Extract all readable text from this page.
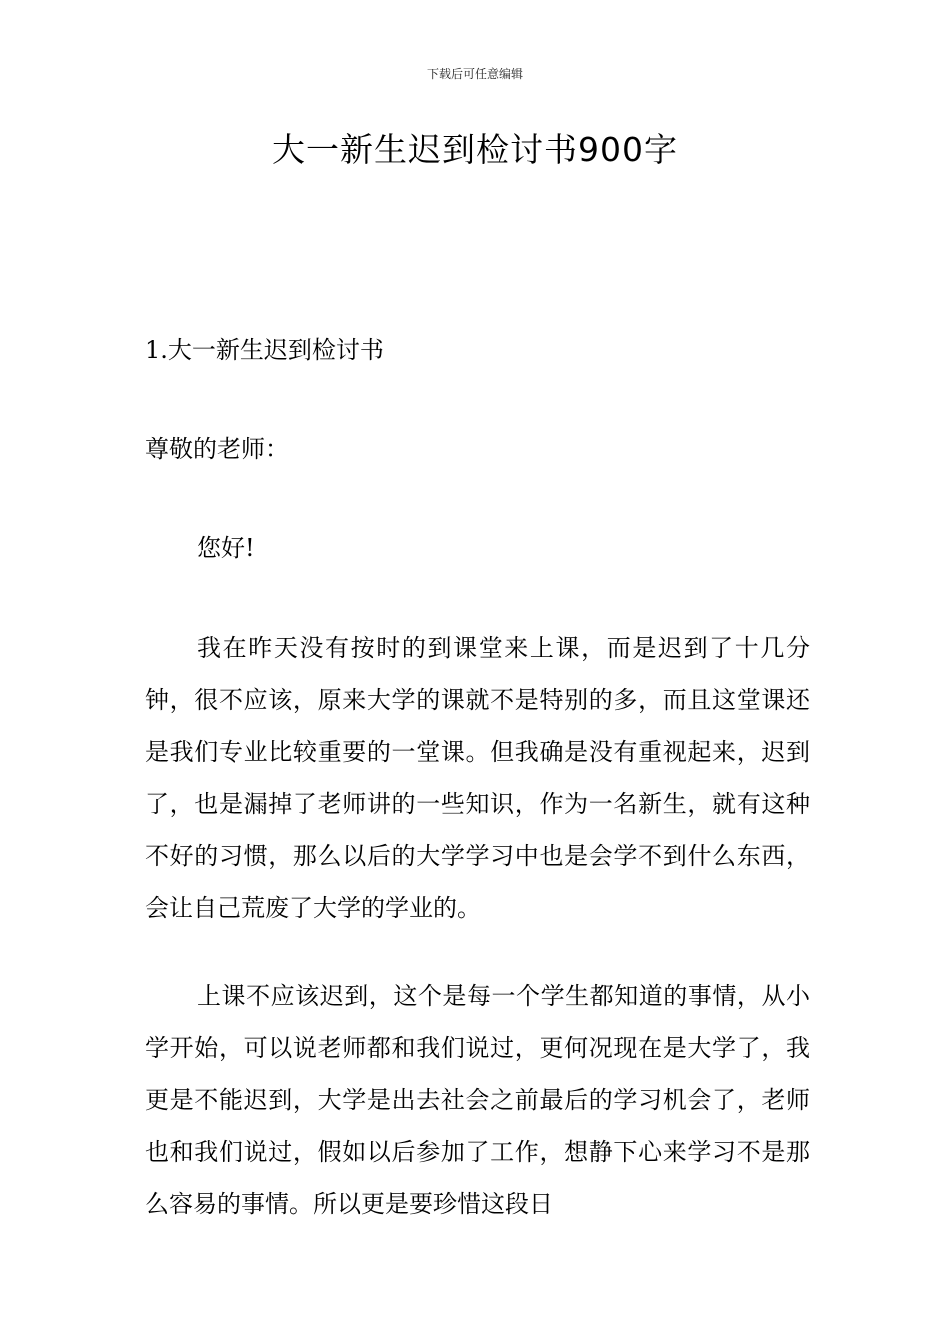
下载后可任意编辑
大一新生迟到检讨书900字

1.大一新生迟到检讨书

尊敬的老师：

您好!

我在昨天没有按时的到课堂来上课，而是迟到了十几分钟，很不应该，原来大学的课就不是特别的多，而且这堂课还是我们专业比较重要的一堂课。但我确是没有重视起来，迟到了，也是漏掉了老师讲的一些知识，作为一名新生，就有这种不好的习惯，那么以后的大学学习中也是会学不到什么东西，会让自己荒废了大学的学业的。

上课不应该迟到，这个是每一个学生都知道的事情，从小学开始，可以说老师都和我们说过，更何况现在是大学了，我更是不能迟到，大学是出去社会之前最后的学习机会了，老师也和我们说过，假如以后参加了工作，想静下心来学习不是那么容易的事情。所以更是要珍惜这段日
